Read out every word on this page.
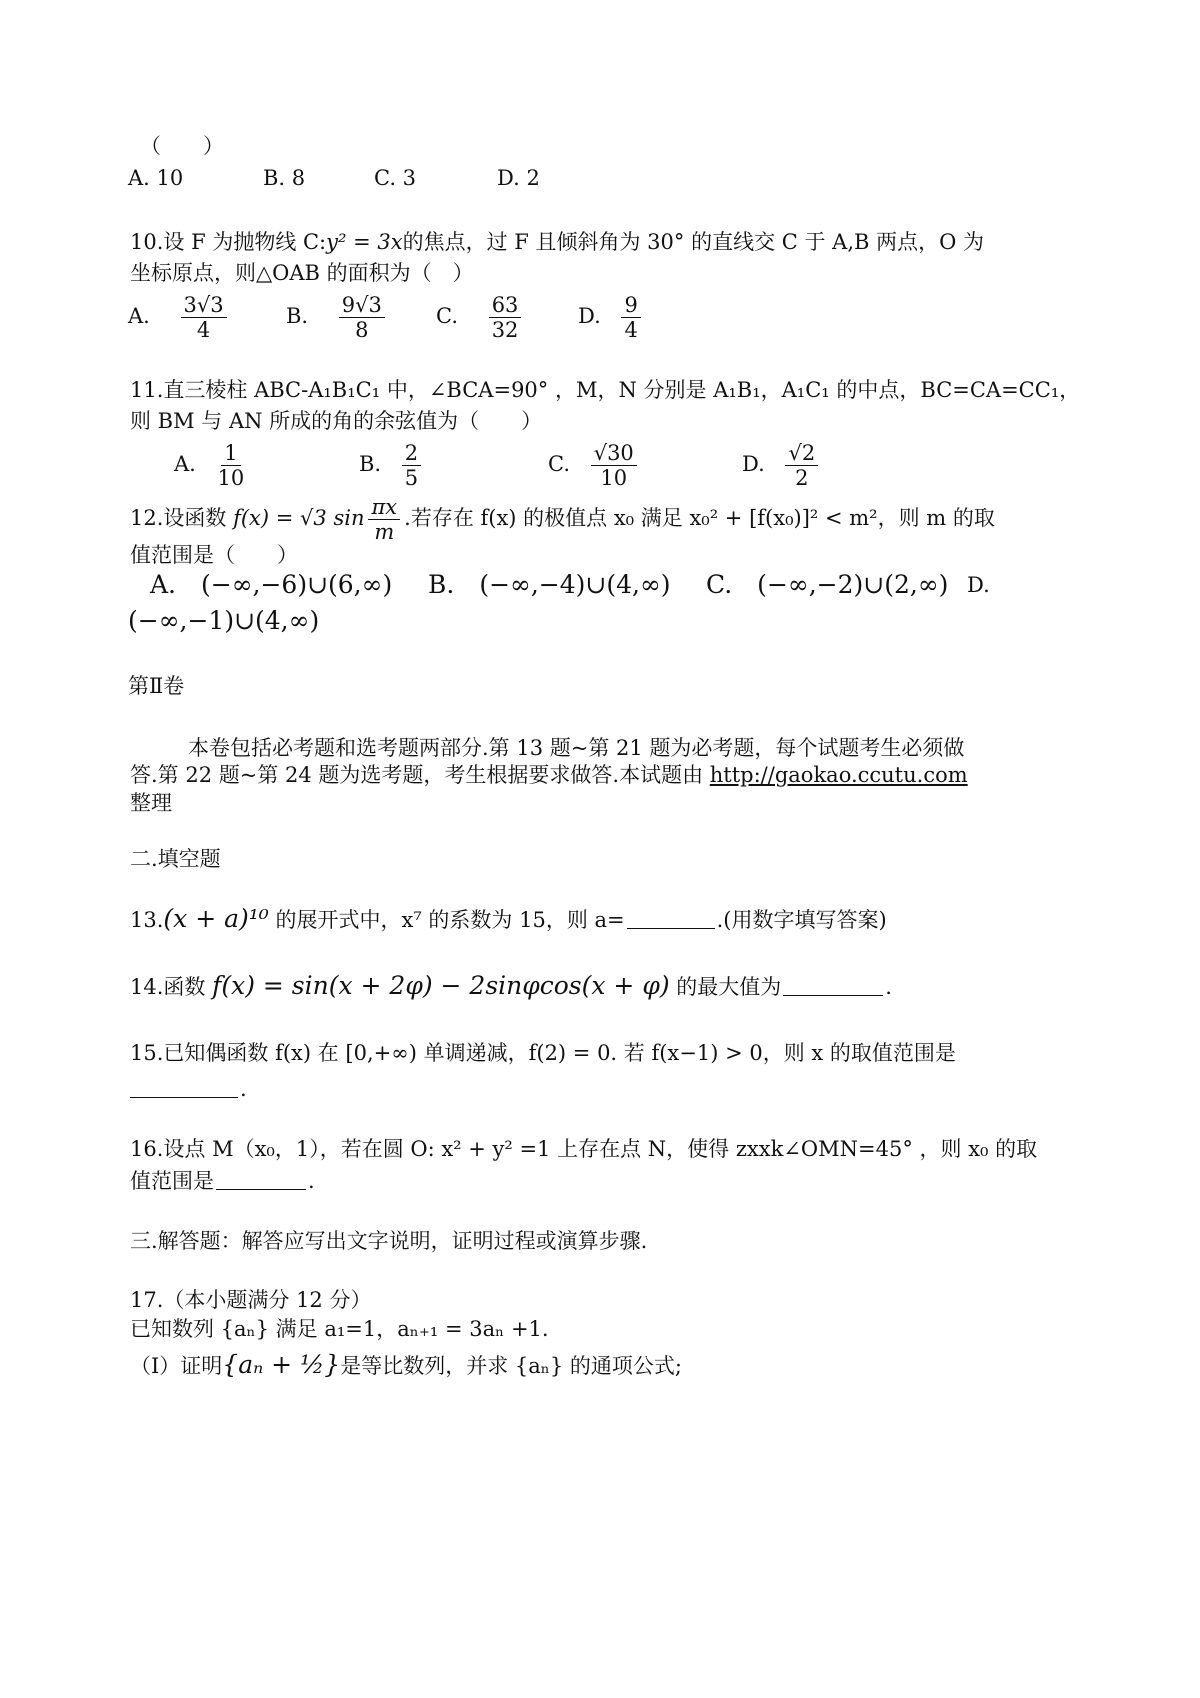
（　　）
A. 10	B. 8	C. 3	D. 2
10.设 F 为抛物线 C:y² = 3x的焦点，过 F 且倾斜角为 30° 的直线交 C 于 A,B 两点，O 为
坐标原点，则△OAB 的面积为（　）
A. $\frac{3√3}{4}$	B. $\frac{9√3}{8} C$. $\frac{63}{32}$	D. $\frac{9}{4}$
11.直三棱柱 ABC-A₁B₁C₁ 中，∠BCA=90° ，M，N 分别是 A₁B₁，A₁C₁ 的中点，BC=CA=CC₁，
则 BM 与 AN 所成的角的余弦值为（　　）
A. $\frac{1}{10}$	B. $\frac{2}{5}$	C. $\frac{√30}{10}$	D. $\frac{√2}{2}$
12.设函数 f(x) = √3 $\sin \frac{\pi x}{m}$ .若存在 f(x) 的极值点 x₀ 满足 x₀² + [f(x₀)]² < m²，则 m 的取
值范围是（　　）
A.　(−∞,−6)∪(6,∞) B.　(−∞,−4)∪(4,∞) C.　(−∞,−2)∪(2,∞) D.
(−∞,−1)∪(4,∞)
第Ⅱ卷
本卷包括必考题和选考题两部分.第 13 题~第 21 题为必考题，每个试题考生必须做
答.第 22 题~第 24 题为选考题，考生根据要求做答.本试题由 http://gaokao.ccutu.com
整理
二.填空题
13.(x + a)¹⁰ 的展开式中，x⁷ 的系数为 15，则 a=	.(用数字填写答案)
14.函数 f(x) = sin(x + 2φ) − 2sinφcos(x + φ) 的最大值为	.
15.已知偶函数 f(x) 在 [0,+∞) 单调递减，f(2) = 0. 若 f(x−1) > 0，则 x 的取值范围是
.
16.设点 M（x₀，1），若在圆 O: x² + y² =1 上存在点 N，使得 zxxk∠OMN=45° ，则 x₀ 的取
值范围是	.
三.解答题：解答应写出文字说明，证明过程或演算步骤.
17.（本小题满分 12 分）
已知数列 {aₙ} 满足 a₁=1，aₙ₊₁ = 3aₙ +1.
（Ⅰ）证明{aₙ + ½}是等比数列，并求 {aₙ} 的通项公式;
